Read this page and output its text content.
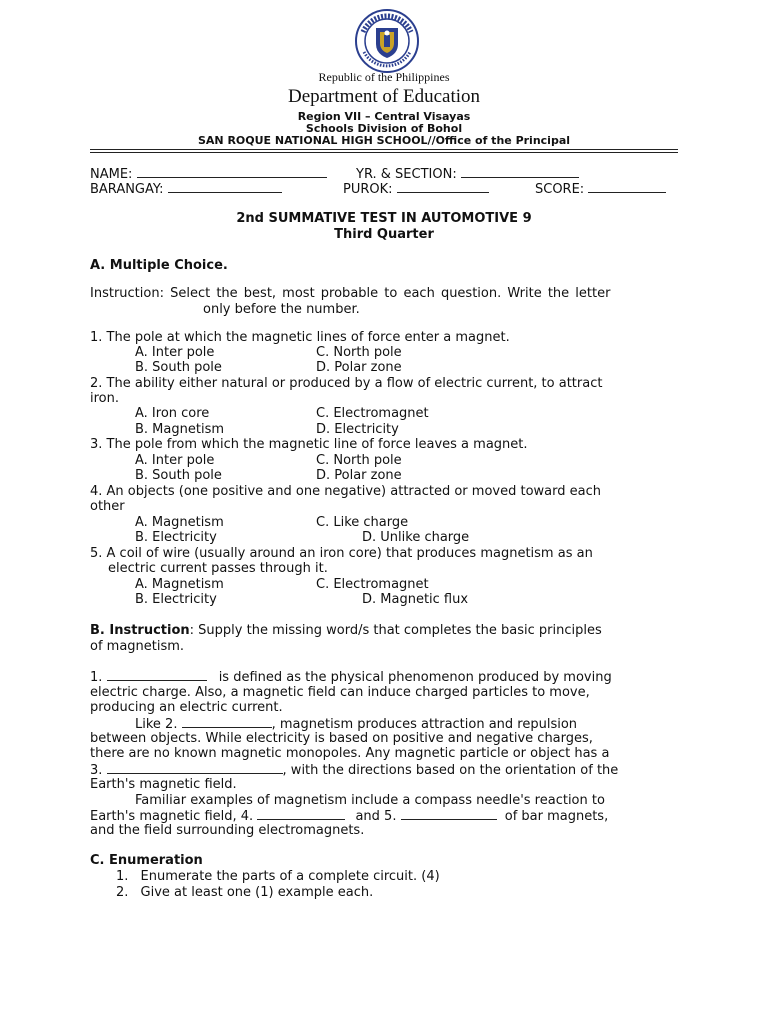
Republic of the Philippines
Department of Education
Region VII – Central Visayas
Schools Division of Bohol
SAN ROQUE NATIONAL HIGH SCHOOL//Office of the Principal
NAME:	YR. & SECTION:
BARANGAY:	PUROK:	SCORE:
2nd SUMMATIVE TEST IN AUTOMOTIVE 9
Third Quarter
A. Multiple Choice.
Instruction: Select the best, most probable to each question. Write the letter
only before the number.
1. The pole at which the magnetic lines of force enter a magnet.
A. Inter pole	C. North pole
B. South pole	D. Polar zone
2. The ability either natural or produced by a flow of electric current, to attract
iron.
A. Iron core	C. Electromagnet
B. Magnetism	D. Electricity
3. The pole from which the magnetic line of force leaves a magnet.
A. Inter pole	C. North pole
B. South pole	D. Polar zone
4. An objects (one positive and one negative) attracted or moved toward each
other
A. Magnetism	C. Like charge
B. Electricity	D. Unlike charge
5. A coil of wire (usually around an iron core) that produces magnetism as an
electric current passes through it.
A. Magnetism	C. Electromagnet
B. Electricity	D. Magnetic flux
B. Instruction: Supply the missing word/s that completes the basic principles
of magnetism.
1.	is defined as the physical phenomenon produced by moving
electric charge. Also, a magnetic field can induce charged particles to move,
producing an electric current.
Like 2.	, magnetism produces attraction and repulsion
between objects. While electricity is based on positive and negative charges,
there are no known magnetic monopoles. Any magnetic particle or object has a
3.	, with the directions based on the orientation of the
Earth's magnetic field.
Familiar examples of magnetism include a compass needle's reaction to
Earth's magnetic field, 4.	and 5.	of bar magnets,
and the field surrounding electromagnets.
C. Enumeration
1. Enumerate the parts of a complete circuit. (4)
2. Give at least one (1) example each.
